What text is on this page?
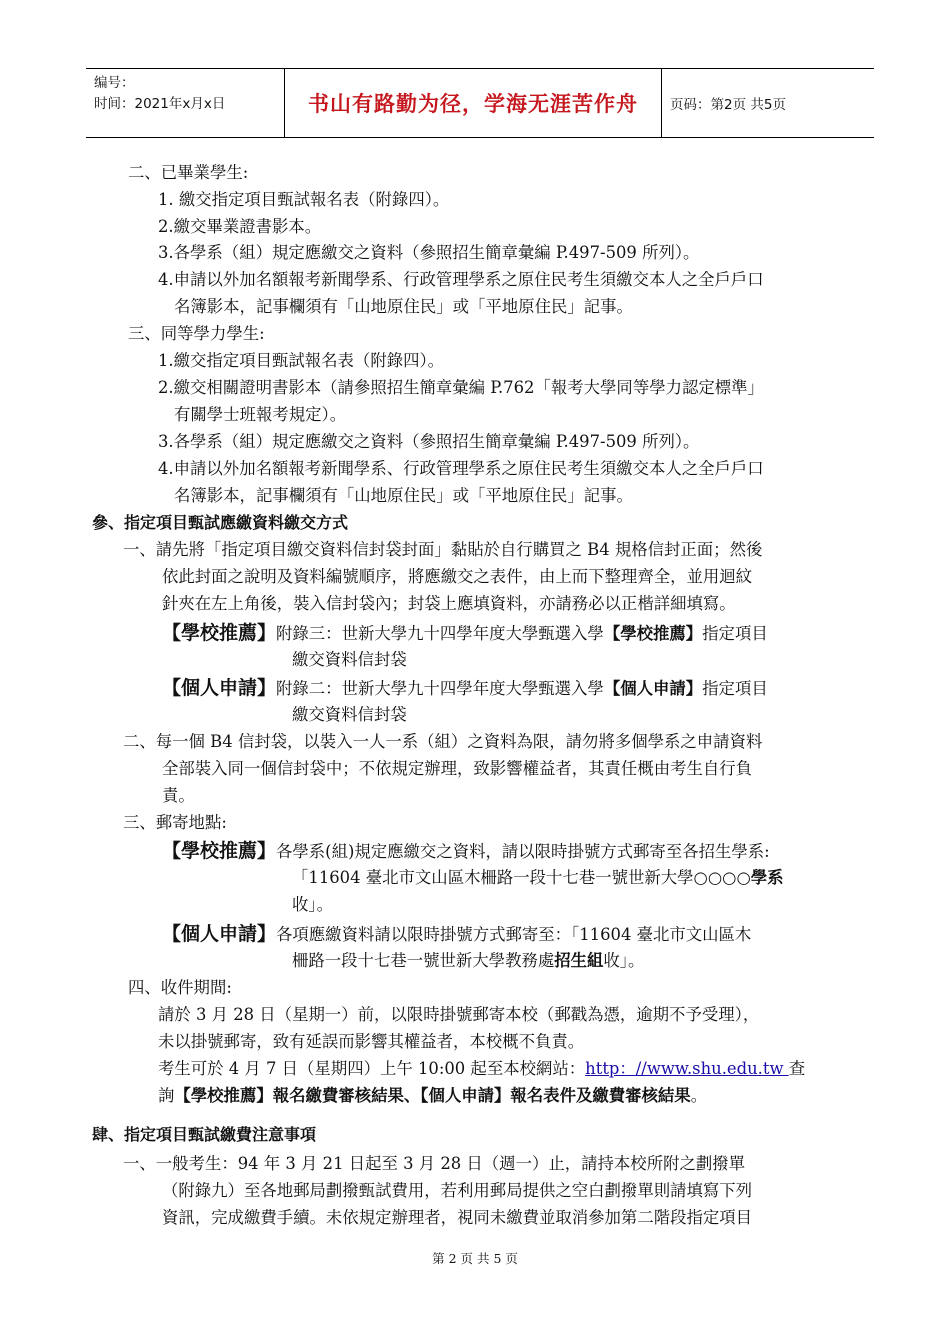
编号：
时间：2021年x月x日	书山有路勤为径，学海无涯苦作舟 页码：第2页 共5页
二、已畢業學生:
1. 繳交指定項目甄試報名表（附錄四）。
2.繳交畢業證書影本。
3.各學系（組）規定應繳交之資料（參照招生簡章彙編 P.497-509 所列）。
4.申請以外加名額報考新聞學系、行政管理學系之原住民考生須繳交本人之全戶戶口
名簿影本，記事欄須有「山地原住民」或「平地原住民」記事。
三、同等學力學生:
1.繳交指定項目甄試報名表（附錄四）。
2.繳交相關證明書影本（請參照招生簡章彙編 P.762「報考大學同等學力認定標準」
有關學士班報考規定）。
3.各學系（組）規定應繳交之資料（參照招生簡章彙編 P.497-509 所列）。
4.申請以外加名額報考新聞學系、行政管理學系之原住民考生須繳交本人之全戶戶口
名簿影本，記事欄須有「山地原住民」或「平地原住民」記事。
參、指定項目甄試應繳資料繳交方式
一、請先將「指定項目繳交資料信封袋封面」黏貼於自行購買之 B4 規格信封正面；然後
依此封面之說明及資料編號順序，將應繳交之表件，由上而下整理齊全，並用迴紋
針夾在左上角後，裝入信封袋內；封袋上應填資料，亦請務必以正楷詳細填寫。
【學校推薦】附錄三：世新大學九十四學年度大學甄選入學【學校推薦】指定項目
繳交資料信封袋
【個人申請】附錄二：世新大學九十四學年度大學甄選入學【個人申請】指定項目
繳交資料信封袋
二、每一個 B4 信封袋，以裝入一人一系（組）之資料為限，請勿將多個學系之申請資料
全部裝入同一個信封袋中；不依規定辦理，致影響權益者，其責任概由考生自行負
責。
三、郵寄地點:
【學校推薦】各學系(組)規定應繳交之資料，請以限時掛號方式郵寄至各招生學系:
「11604 臺北市文山區木柵路一段十七巷一號世新大學○○○○學系
收」。
【個人申請】各項應繳資料請以限時掛號方式郵寄至：「11604 臺北市文山區木
柵路一段十七巷一號世新大學教務處招生組收」。
四、收件期間:
請於 3 月 28 日（星期一）前，以限時掛號郵寄本校（郵戳為憑，逾期不予受理），
未以掛號郵寄，致有延誤而影響其權益者，本校概不負責。
考生可於 4 月 7 日（星期四）上午 10:00 起至本校網站：http：//www.shu.edu.tw 查
詢【學校推薦】報名繳費審核結果、【個人申請】報名表件及繳費審核結果。
肆、指定項目甄試繳費注意事項
一、一般考生：94 年 3 月 21 日起至 3 月 28 日（週一）止，請持本校所附之劃撥單
（附錄九）至各地郵局劃撥甄試費用，若利用郵局提供之空白劃撥單則請填寫下列
資訊，完成繳費手續。未依規定辦理者，視同未繳費並取消參加第二階段指定項目
第 2 页 共 5 页
